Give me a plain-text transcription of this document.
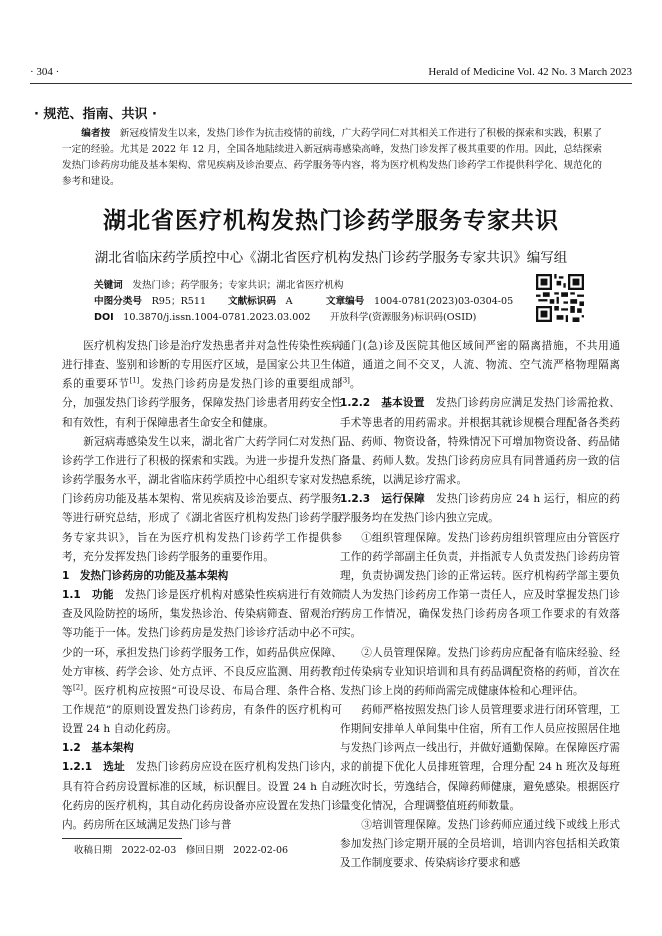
· 304 ·	Herald of Medicine Vol. 42 No. 3 March 2023
· 规范、指南、共识 ·
编者按　 新冠疫情发生以来，发热门诊作为抗击疫情的前线，广大药学同仁对其相关工作进行了积极的探索和实践，积累了一定的经验。尤其是 2022 年 12 月，全国各地陆续进入新冠病毒感染高峰，发热门诊发挥了极其重要的作用。因此，总结探索发热门诊药房功能及基本架构、常见疾病及诊治要点、药学服务等内容，将为医疗机构发热门诊药学工作提供科学化、规范化的参考和建设。
湖北省医疗机构发热门诊药学服务专家共识
湖北省临床药学质控中心《湖北省医疗机构发热门诊药学服务专家共识》编写组
关键词　 发热门诊；药学服务；专家共识；湖北省医疗机构
中图分类号　 R95；R511 文献标识码　 A	文章编号　 1004-0781(2023)03-0304-05
DOI　 10.3870/j.issn.1004-0781.2023.03.002 开放科学(资源服务)标识码(OSID)

医疗机构发热门诊是治疗发热患者并对急性传染性疾病进行排查、鉴别和诊断的专用医疗区域，是国家公共卫生体系的重要环节[1]。发热门诊药房是发热门诊的重要组成部分，加强发热门诊药学服务，保障发热门诊患者用药安全性和有效性，有利于保障患者生命安全和健康。

新冠病毒感染发生以来，湖北省广大药学同仁对发热门诊药学工作进行了积极的探索和实践。为进一步提升发热门诊药学服务水平，湖北省临床药学质控中心组织专家对发热门诊药房功能及基本架构、常见疾病及诊治要点、药学服务等进行研究总结，形成了《湖北省医疗机构发热门诊药学服务专家共识》，旨在为医疗机构发热门诊药学工作提供参考，充分发挥发热门诊药学服务的重要作用。

1　发热门诊药房的功能及基本架构

1.1　功能　发热门诊是医疗机构对感染性疾病进行有效筛查及风险防控的场所，集发热诊治、传染病筛查、留观治疗等功能于一体。发热门诊药房是发热门诊诊疗活动中必不可少的一环，承担发热门诊药学服务工作，如药品供应保障、处方审核、药学会诊、处方点评、不良反应监测、用药教育等[2]。医疗机构应按照“可设尽设、布局合理、条件合格、工作规范”的原则设置发热门诊药房，有条件的医疗机构可设置 24 h 自动化药房。

1.2　基本架构

1.2.1　选址　发热门诊药房应设在医疗机构发热门诊内，具有符合药房设置标准的区域，标识醒目。设置 24 h 自动化药房的医疗机构，其自动化药房设备亦应设置在发热门诊内。药房所在区域满足发热门诊与普

通门(急)诊及医院其他区域间严密的隔离措施，不共用通道，通道之间不交叉，人流、物流、空气流严格物理隔离[3]。

1.2.2　基本设置　发热门诊药房应满足发热门诊需抢救、手术等患者的用药需求。并根据其就诊规模合理配备各类药品、药师、物资设备，特殊情况下可增加物资设备、药品储备量、药师人数。发热门诊药房应具有同普通药房一致的信息系统，以满足诊疗需求。

1.2.3　运行保障　发热门诊药房应 24 h 运行，相应的药学服务均在发热门诊内独立完成。

①组织管理保障。发热门诊药房组织管理应由分管医疗工作的药学部副主任负责，并指派专人负责发热门诊药房管理，负责协调发热门诊的正常运转。医疗机构药学部主要负责人为发热门诊药房工作第一责任人，应及时掌握发热门诊药房工作情况，确保发热门诊药房各项工作要求的有效落实。

②人员管理保障。发热门诊药房应配备有临床经验、经过传染病专业知识培训和具有药品调配资格的药师，首次在发热门诊上岗的药师尚需完成健康体检和心理评估。

药师严格按照发热门诊人员管理要求进行闭环管理，工作期间安排单人单间集中住宿，所有工作人员应按照居住地与发热门诊两点一线出行，并做好通勤保障。在保障医疗需求的前提下优化人员排班管理，合理分配 24 h 班次及每班班次时长，劳逸结合，保障药师健康，避免感染。根据医疗量变化情况，合理调整值班药师数量。

③培训管理保障。发热门诊药师应通过线下或线上形式参加发热门诊定期开展的全员培训，培训内容包括相关政策及工作制度要求、传染病诊疗要求和感

收稿日期　2022-02-03　修回日期　2022-02-06
